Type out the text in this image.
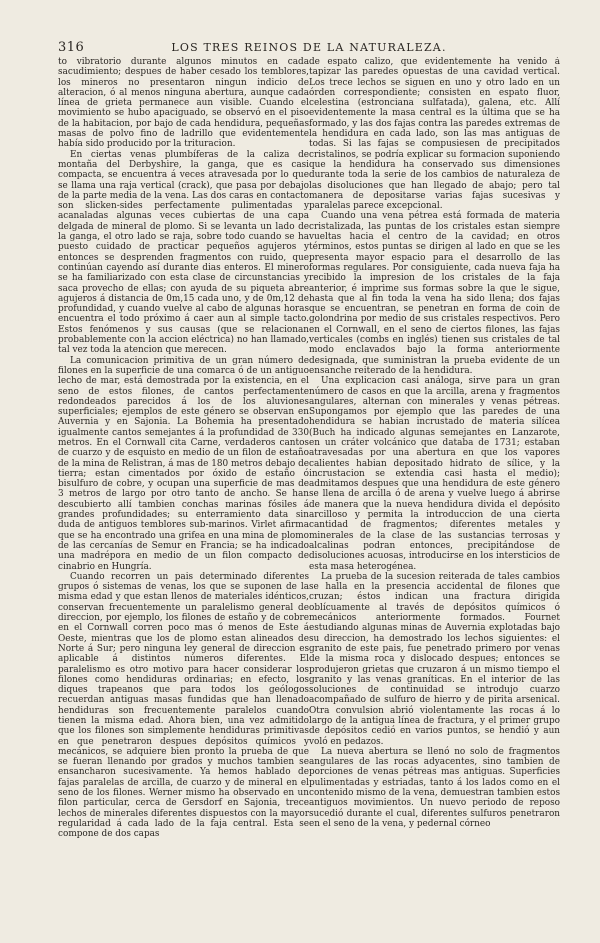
316	LOS TRES REINOS DE LA NATURALEZA.

to vibratorio durante algunos minutos en cada sacudimiento; despues de haber cesado los temblores, los mineros no presentaron ningun indicio de alteracion, ó al menos ninguna abertura, aunque cada línea de grieta permanece aun visible. Cuando el movimiento se hubo apaciguado, se observó en el piso de la habitacion, por bajo de cada hendidura, pequeñas masas de polvo fino de ladrillo que evidentemente había sido producido por la trituracion.

En ciertas venas plumbíferas de la caliza de montaña del Derbyshire, la ganga, que es casi compacta, se encuentra á veces atravesada por lo que se llama una raja vertical (crack), que pasa por debajo de la parte media de la vena. Las dos caras en contacto son slicken-sides perfectamente pulimentadas y acanaladas algunas veces cubiertas de una capa delgada de mineral de plomo. Si se levanta un lado de la ganga, el otro lado se raja, sobre todo cuando se ha puesto cuidado de practicar pequeños agujeros y entonces se desprenden fragmentos con ruido, que continúan cayendo así durante dias enteros. El minero se ha familiarizado con esta clase de circunstancias y saca provecho de ellas; con ayuda de su piqueta abre agujeros á distancia de 0m,15 cada uno, y de 0m,12 de profundidad, y cuando vuelve al cabo de algunas horas encuentra el todo próximo á caer aun al simple tacto. Estos fenómenos y sus causas (que se relacionan probablemente con la accion eléctrica) no han llamado, tal vez toda la atencion que merecen.

La comunicacion primitiva de un gran número de filones en la superficie de una comarca ó de un antiguo lecho de mar, está demostrada por la existencia, en el seno de estos filones, de cantos perfectamente redondeados parecidos á los de los aluviones superficiales; ejemplos de este género se observan en Auvernia y en Sajonia. La Bohemia ha presentado igualmente cantos semejantes á la profundidad de 330 metros. En el Cornwall cita Carne, verdaderos cantos de cuarzo y de esquisto en medio de un filon de estaño de la mina de Relistran, á mas de 180 metros debajo de tierra; estan cimentados por óxido de estaño ó bisulfuro de cobre, y ocupan una superficie de mas de 3 metros de largo por otro tanto de ancho. Se han descubierto allí tambien conchas marinas fósiles á grandes profundidades; su enterramiento data sin duda de antiguos temblores sub-marinos. Virlet afirma que se ha encontrado una grifea en una mina de plomo de las cercanías de Semur en Francia; se ha indicado una madrépora en medio de un filon compacto de cinabrio en Hungría.

Cuando recorren un pais determinado diferentes grupos ó sistemas de venas, los que se suponen de la misma edad y que estan llenos de materiales idénticos, conservan frecuentemente un paralelismo general de direccion, por ejemplo, los filones de estaño y de cobre en el Cornwall corren poco mas ó menos de Este á Oeste, mientras que los de plomo estan alineados de Norte á Sur; pero ninguna ley general de direccion es aplicable á distintos números diferentes. El paralelismo es otro motivo para hacer considerar los filones como hendiduras ordinarias; en efecto, los diques trapeanos que para todos los geólogos recuerdan antiguas masas fundidas que han llenado hendiduras son frecuentemente paralelos cuando tienen la misma edad. Ahora bien, una vez admitido que los filones son simplemente hendiduras primitivas en que penetraron despues depósitos químicos y mecánicos, se adquiere bien pronto la prueba de que se fueran llenando por grados y muchos tambien se ensancharon sucesivamente. Ya hemos hablado de fajas paralelas de arcilla, de cuarzo y de mineral en el seno de los filones. Werner mismo ha observado en un filon particular, cerca de Gersdorf en Sajonia, trece lechos de minerales diferentes dispuestos con la mayor regularidad á cada lado de la faja central. Esta se compone de dos capas

de espato calizo, que evidentemente ha venido á tapizar las paredes opuestas de una cavidad vertical. Los trece lechos se siguen en uno y otro lado en un órden correspondiente; consisten en espato fluor, celestina (estronciana sulfatada), galena, etc. Allí evidentemente la masa central es la última que se ha formado, y las dos fajas contra las paredes extremas de la hendidura en cada lado, son las mas antiguas de todas. Si las fajas se compusiesen de precipitados cristalinos, se podría explicar su formacion suponiendo que la hendidura ha conservado sus dimensiones durante toda la serie de los cambios de naturaleza de las disoluciones que han llegado de abajo; pero tal manera de depositarse varias fajas sucesivas y paralelas parece excepcional.

Cuando una vena pétrea está formada de materia cristalizada, las puntas de los cristales estan siempre vueltas hacia el centro de la cavidad; en otros términos, estos puntas se dirigen al lado en que se les presenta mayor espacio para el desarrollo de las formas regulares. Por consiguiente, cada nueva faja ha recibido la impresion de los cristales de la faja anterior, é imprime sus formas sobre la que le sigue, hasta que al fin toda la vena ha sido llena; dos fajas que se encuentran, se penetran en forma de coin de golondrina por medio de sus cristales respectivos. Pero en el Cornwall, en el seno de ciertos filones, las fajas verticales (combs en inglés) tienen sus cristales de tal modo enclavados bajo la forma anteriormente designada, que suministran la prueba evidente de un ensanche reiterado de la hendidura.

Una explicacion casi análoga, sirve para un gran número de casos en que la arcilla, arena y fragmentos angulares, alternan con minerales y venas pétreas. Supongamos por ejemplo que las paredes de una hendidura se habian incrustado de materia silícea (Buch ha indicado algunas semejantes en Lanzarote, en un cráter volcánico que databa de 1731; estaban atravesadas por una abertura en que los vapores calientes habian depositado hidrato de sílice, y la incrustacion se extendia casi hasta el medio); admitamos despues que una hendidura de este género se llena de arcilla ó de arena y vuelve luego á abrirse de manera que la nueva hendidura divida el depósito arcilloso y permita la introduccion de una cierta cantidad de fragmentos; diferentes metales y minerales de la clase de las sustancias terrosas y alcalinas podran entonces, precipitándose de disoluciones acuosas, introducirse en los intersticios de esta masa heterogénea.

La prueba de la sucesion reiterada de tales cambios se halla en la presencia accidental de filones que cruzan; éstos indican una fractura dirigida oblícuamente al través de depósitos químicos ó mecánicos anteriormente formados. Fournet estudiando algunas minas de Auvernia explotadas bajo su direccion, ha demostrado los lechos siguientes: el granito de este pais, fue penetrado primero por venas de la misma roca y dislocado despues; entonces se produjeron grietas que cruzaron á un mismo tiempo el granito y las venas graníticas. En el interior de las soluciones de continuidad se introdujo cuarzo acompañado de sulfuro de hierro y de pirita arsenical. Otra convulsion abrió violentamente las rocas á lo largo de la antigua línea de fractura, y el primer grupo de depósitos cedió en varios puntos, se hendió y aun voló en pedazos.

La nueva abertura se llenó no solo de fragmentos angulares de las rocas adyacentes, sino tambien de porciones de venas pétreas mas antiguas. Superficies pulimentadas y estriadas, tanto á los lados como en el contenido mismo de la vena, demuestran tambien estos antiguos movimientos. Un nuevo periodo de reposo sucedió durante el cual, diferentes sulfuros penetraron en el seno de la vena, y pedernal córneo
